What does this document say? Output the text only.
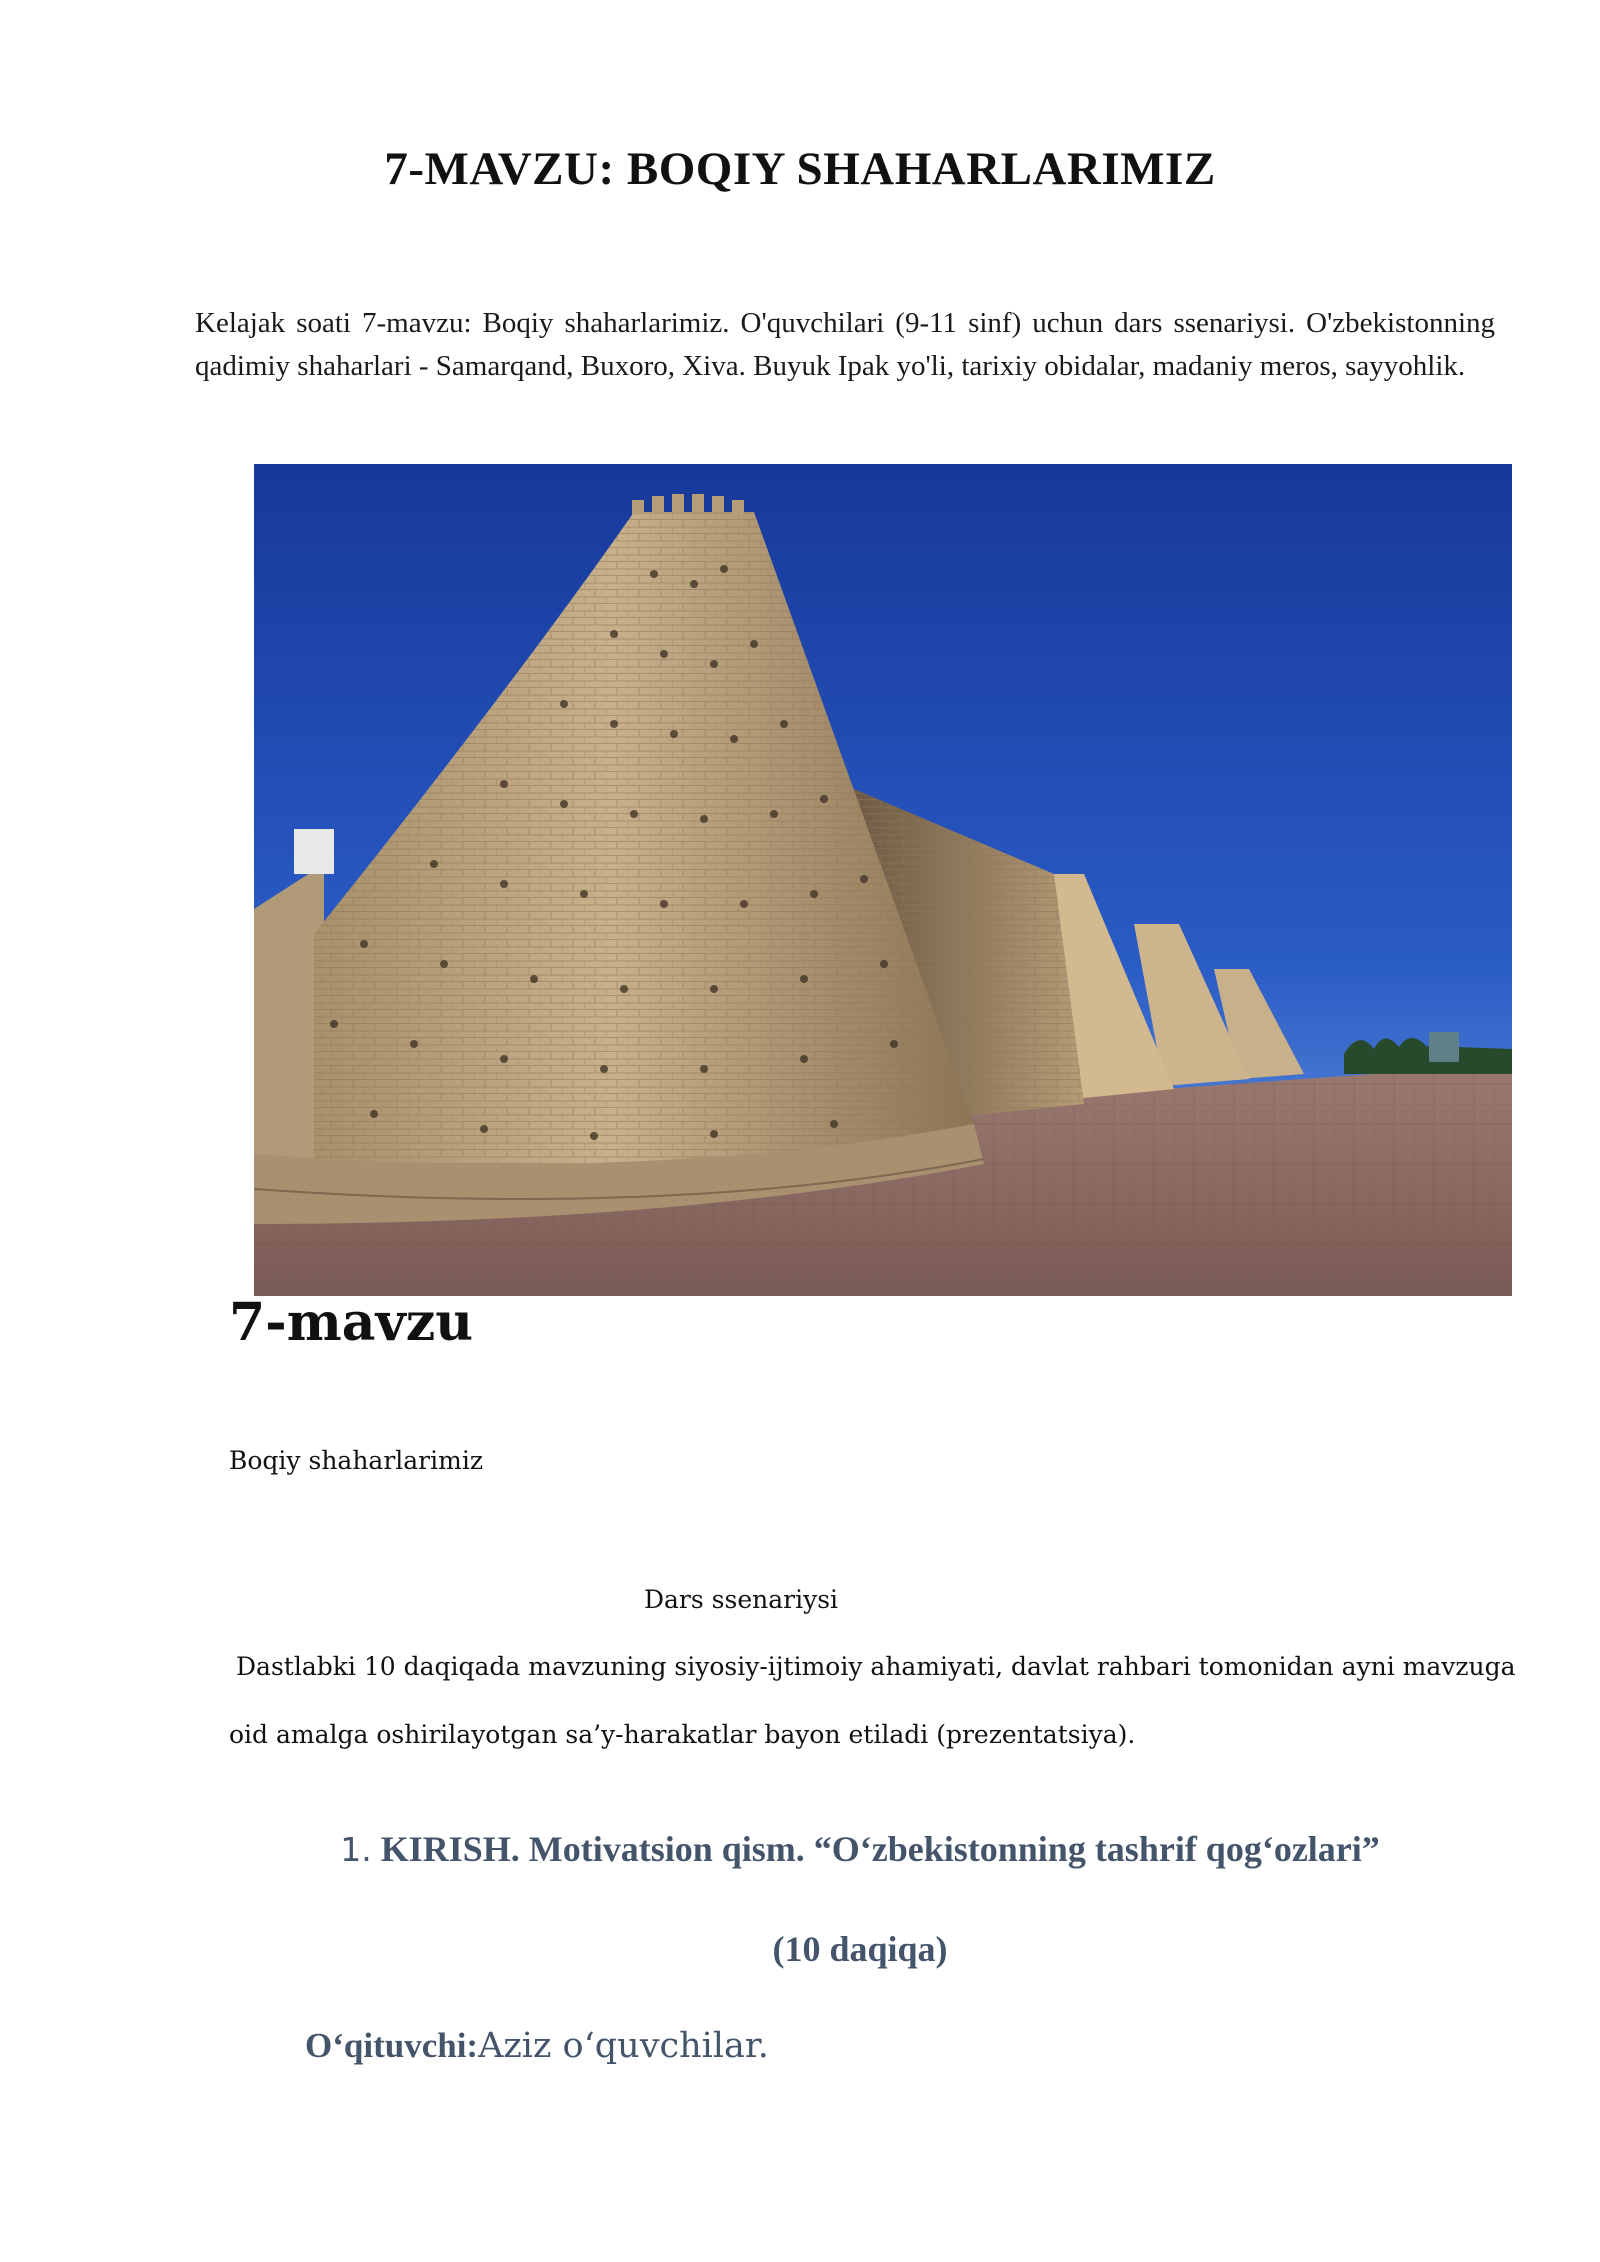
7-MAVZU: BOQIY SHAHARLARIMIZ

Kelajak soati 7-mavzu: Boqiy shaharlarimiz. O'quvchilari (9-11 sinf) uchun dars ssenariysi. O'zbekistonning qadimiy shaharlari - Samarqand, Buxoro, Xiva. Buyuk Ipak yo'li, tarixiy obidalar, madaniy meros, sayyohlik.

7-mavzu

Boqiy shaharlarimiz

Dars ssenariysi

Dastlabki 10 daqiqada mavzuning siyosiy-ijtimoiy ahamiyati, davlat rahbari tomonidan ayni mavzuga

oid amalga oshirilayotgan sa’y-harakatlar bayon etiladi (prezentatsiya).

1. KIRISH. Motivatsion qism. “O‘zbekistonning tashrif qog‘ozlari”

(10 daqiqa)

O‘qituvchi:Aziz o‘quvchilar.
